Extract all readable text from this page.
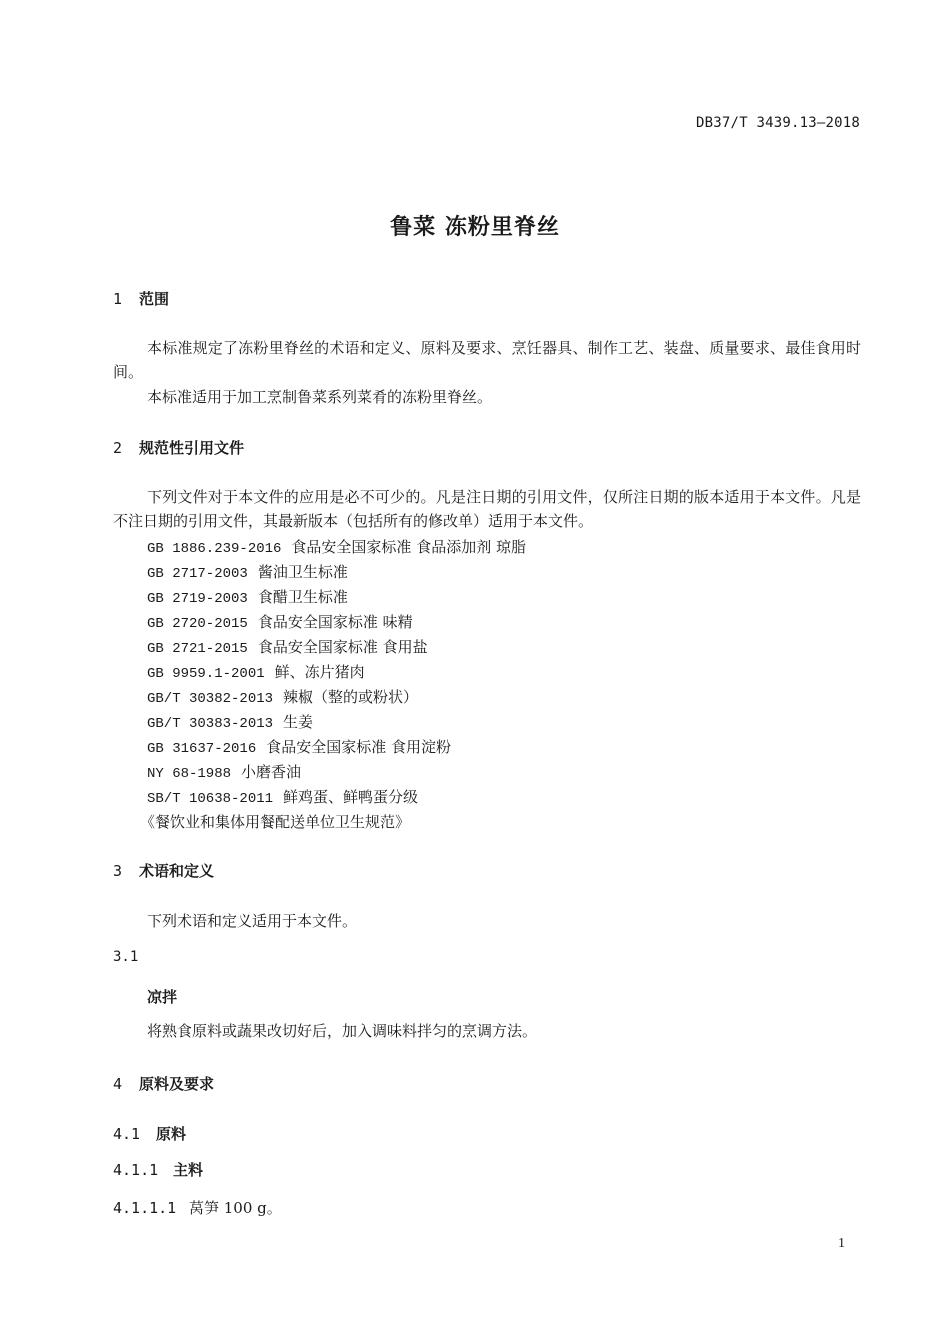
DB37/T 3439.13—2018
鲁菜 冻粉里脊丝
1 范围
本标准规定了冻粉里脊丝的术语和定义、原料及要求、烹饪器具、制作工艺、装盘、质量要求、最佳食用时间。
本标准适用于加工烹制鲁菜系列菜肴的冻粉里脊丝。
2 规范性引用文件
下列文件对于本文件的应用是必不可少的。凡是注日期的引用文件，仅所注日期的版本适用于本文件。凡是不注日期的引用文件，其最新版本（包括所有的修改单）适用于本文件。
GB 1886.239-2016 食品安全国家标准 食品添加剂 琼脂
GB 2717-2003 酱油卫生标准
GB 2719-2003 食醋卫生标准
GB 2720-2015 食品安全国家标准 味精
GB 2721-2015 食品安全国家标准 食用盐
GB 9959.1-2001 鲜、冻片猪肉
GB/T 30382-2013 辣椒（整的或粉状）
GB/T 30383-2013 生姜
GB 31637-2016 食品安全国家标准 食用淀粉
NY 68-1988 小磨香油
SB/T 10638-2011 鲜鸡蛋、鲜鸭蛋分级
《餐饮业和集体用餐配送单位卫生规范》
3 术语和定义
下列术语和定义适用于本文件。
3.1
凉拌
将熟食原料或蔬果改切好后，加入调味料拌匀的烹调方法。
4 原料及要求
4.1 原料
4.1.1 主料
4.1.1.1 莴笋 100 g。
1
